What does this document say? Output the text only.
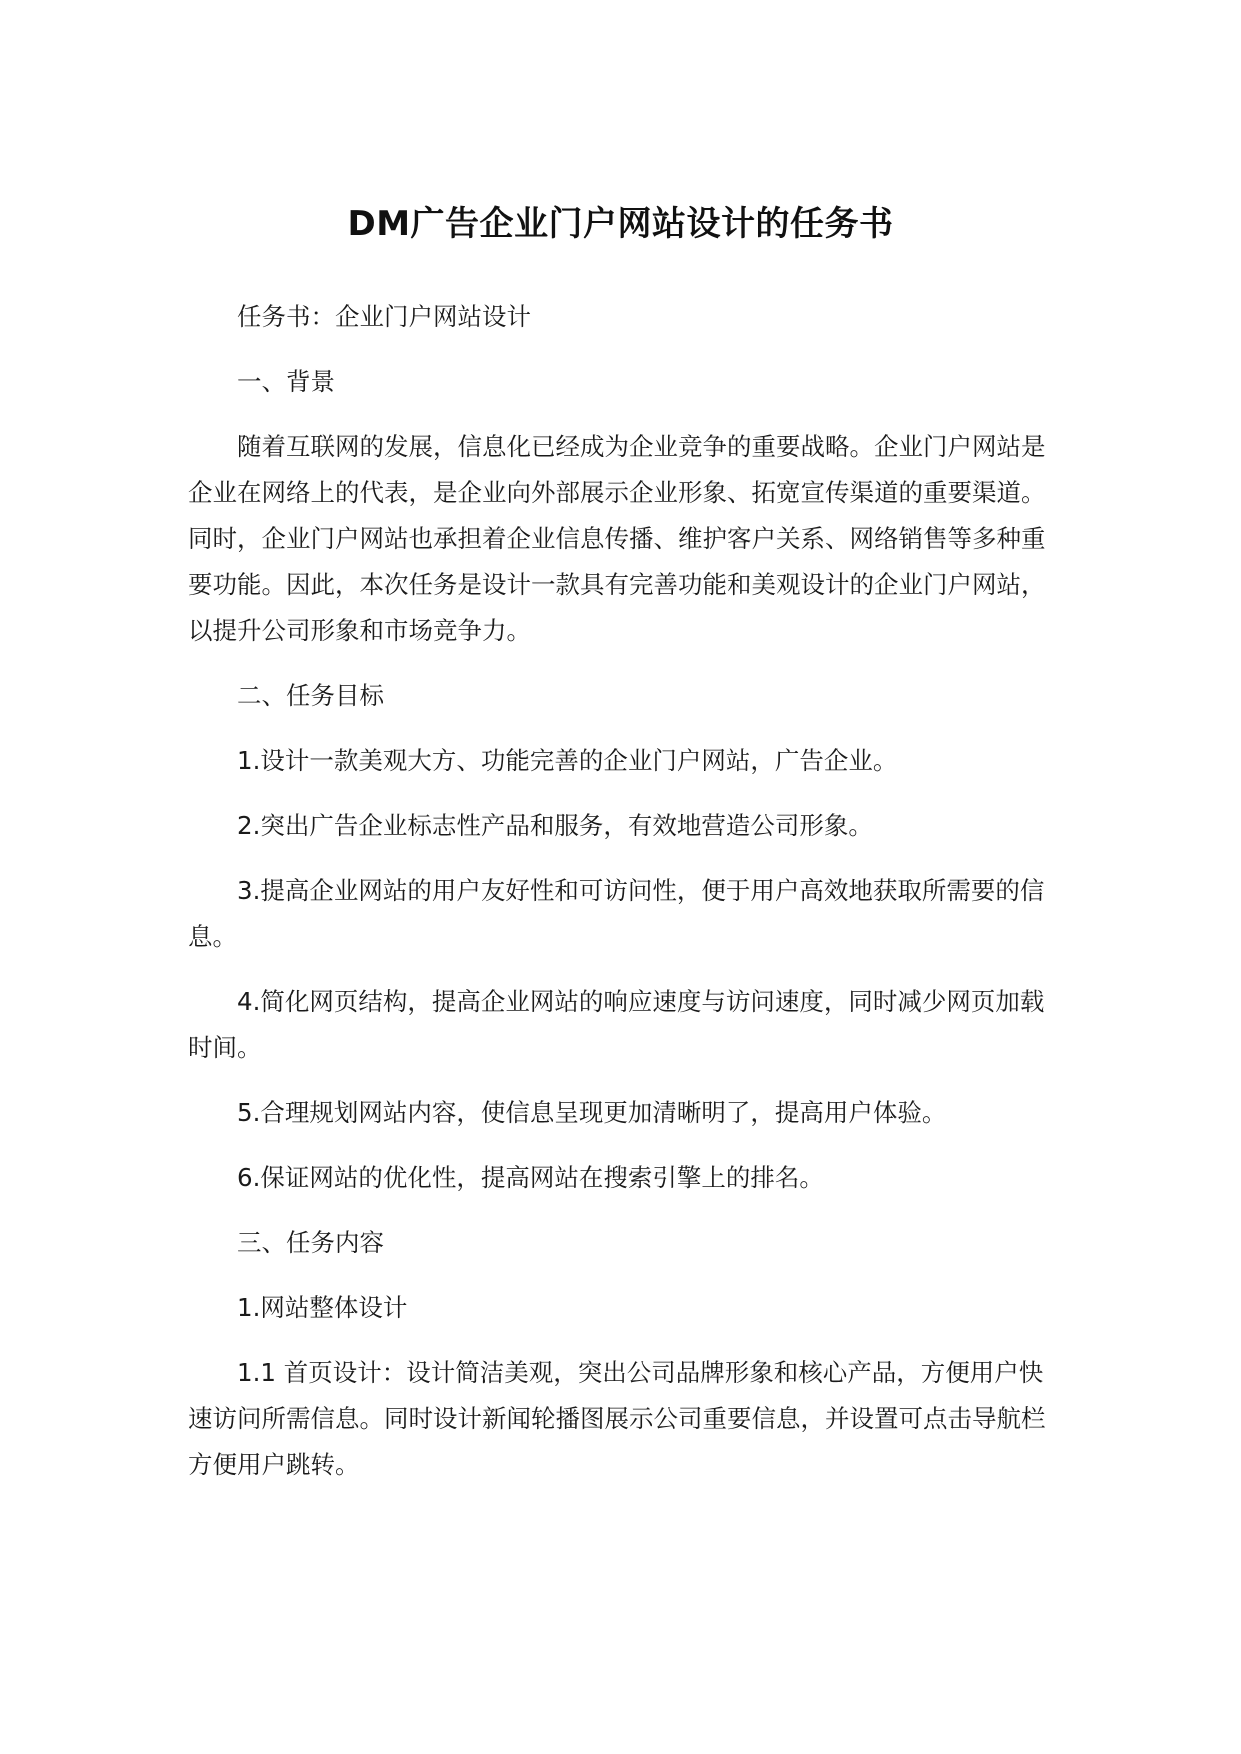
DM广告企业门户网站设计的任务书

任务书：企业门户网站设计

一、背景

随着互联网的发展，信息化已经成为企业竞争的重要战略。企业门户网站是企业在网络上的代表，是企业向外部展示企业形象、拓宽宣传渠道的重要渠道。同时，企业门户网站也承担着企业信息传播、维护客户关系、网络销售等多种重要功能。因此，本次任务是设计一款具有完善功能和美观设计的企业门户网站，以提升公司形象和市场竞争力。

二、任务目标

1.设计一款美观大方、功能完善的企业门户网站，广告企业。

2.突出广告企业标志性产品和服务，有效地营造公司形象。

3.提高企业网站的用户友好性和可访问性，便于用户高效地获取所需要的信息。

4.简化网页结构，提高企业网站的响应速度与访问速度，同时减少网页加载时间。

5.合理规划网站内容，使信息呈现更加清晰明了，提高用户体验。

6.保证网站的优化性，提高网站在搜索引擎上的排名。

三、任务内容

1.网站整体设计

1.1 首页设计：设计简洁美观，突出公司品牌形象和核心产品，方便用户快速访问所需信息。同时设计新闻轮播图展示公司重要信息，并设置可点击导航栏方便用户跳转。
